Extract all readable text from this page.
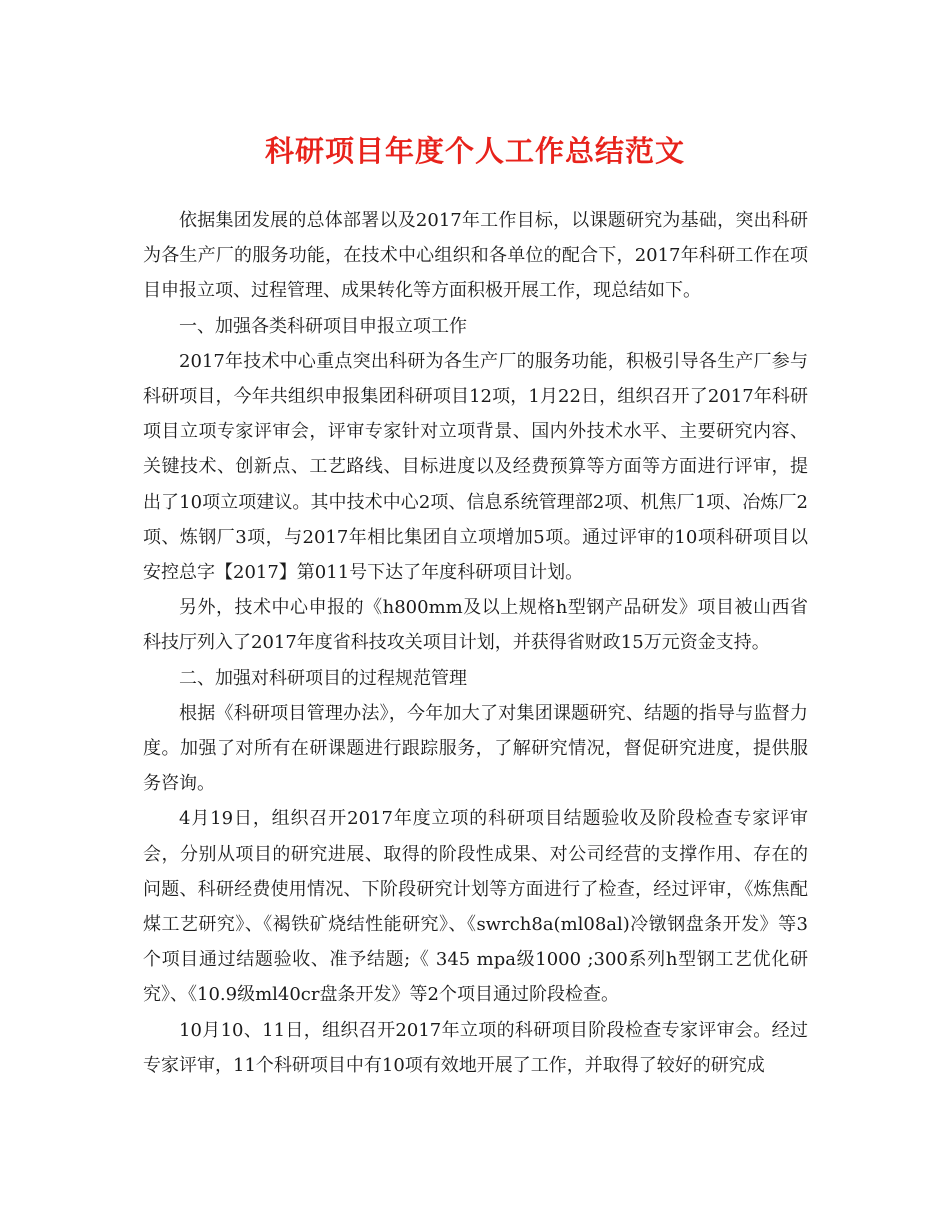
科研项目年度个人工作总结范文

依据集团发展的总体部署以及2017年工作目标，以课题研究为基础，突出科研为各生产厂的服务功能，在技术中心组织和各单位的配合下，2017年科研工作在项目申报立项、过程管理、成果转化等方面积极开展工作，现总结如下。

一、加强各类科研项目申报立项工作

2017年技术中心重点突出科研为各生产厂的服务功能，积极引导各生产厂参与科研项目，今年共组织申报集团科研项目12项，1月22日，组织召开了2017年科研项目立项专家评审会，评审专家针对立项背景、国内外技术水平、主要研究内容、关键技术、创新点、工艺路线、目标进度以及经费预算等方面等方面进行评审，提出了10项立项建议。其中技术中心2项、信息系统管理部2项、机焦厂1项、冶炼厂2项、炼钢厂3项，与2017年相比集团自立项增加5项。通过评审的10项科研项目以安控总字【2017】第011号下达了年度科研项目计划。

另外，技术中心申报的《h800mm及以上规格h型钢产品研发》项目被山西省科技厅列入了2017年度省科技攻关项目计划，并获得省财政15万元资金支持。

二、加强对科研项目的过程规范管理

根据《科研项目管理办法》，今年加大了对集团课题研究、结题的指导与监督力度。加强了对所有在研课题进行跟踪服务，了解研究情况，督促研究进度，提供服务咨询。

4月19日，组织召开2017年度立项的科研项目结题验收及阶段检查专家评审会，分别从项目的研究进展、取得的阶段性成果、对公司经营的支撑作用、存在的问题、科研经费使用情况、下阶段研究计划等方面进行了检查，经过评审，《炼焦配煤工艺研究》、《褐铁矿烧结性能研究》、《swrch8a(ml08al)冷镦钢盘条开发》等3个项目通过结题验收、准予结题;《 345 mpa级1000 ;300系列h型钢工艺优化研究》、《10.9级ml40cr盘条开发》等2个项目通过阶段检查。

10月10、11日，组织召开2017年立项的科研项目阶段检查专家评审会。经过专家评审，11个科研项目中有10项有效地开展了工作，并取得了较好的研究成
